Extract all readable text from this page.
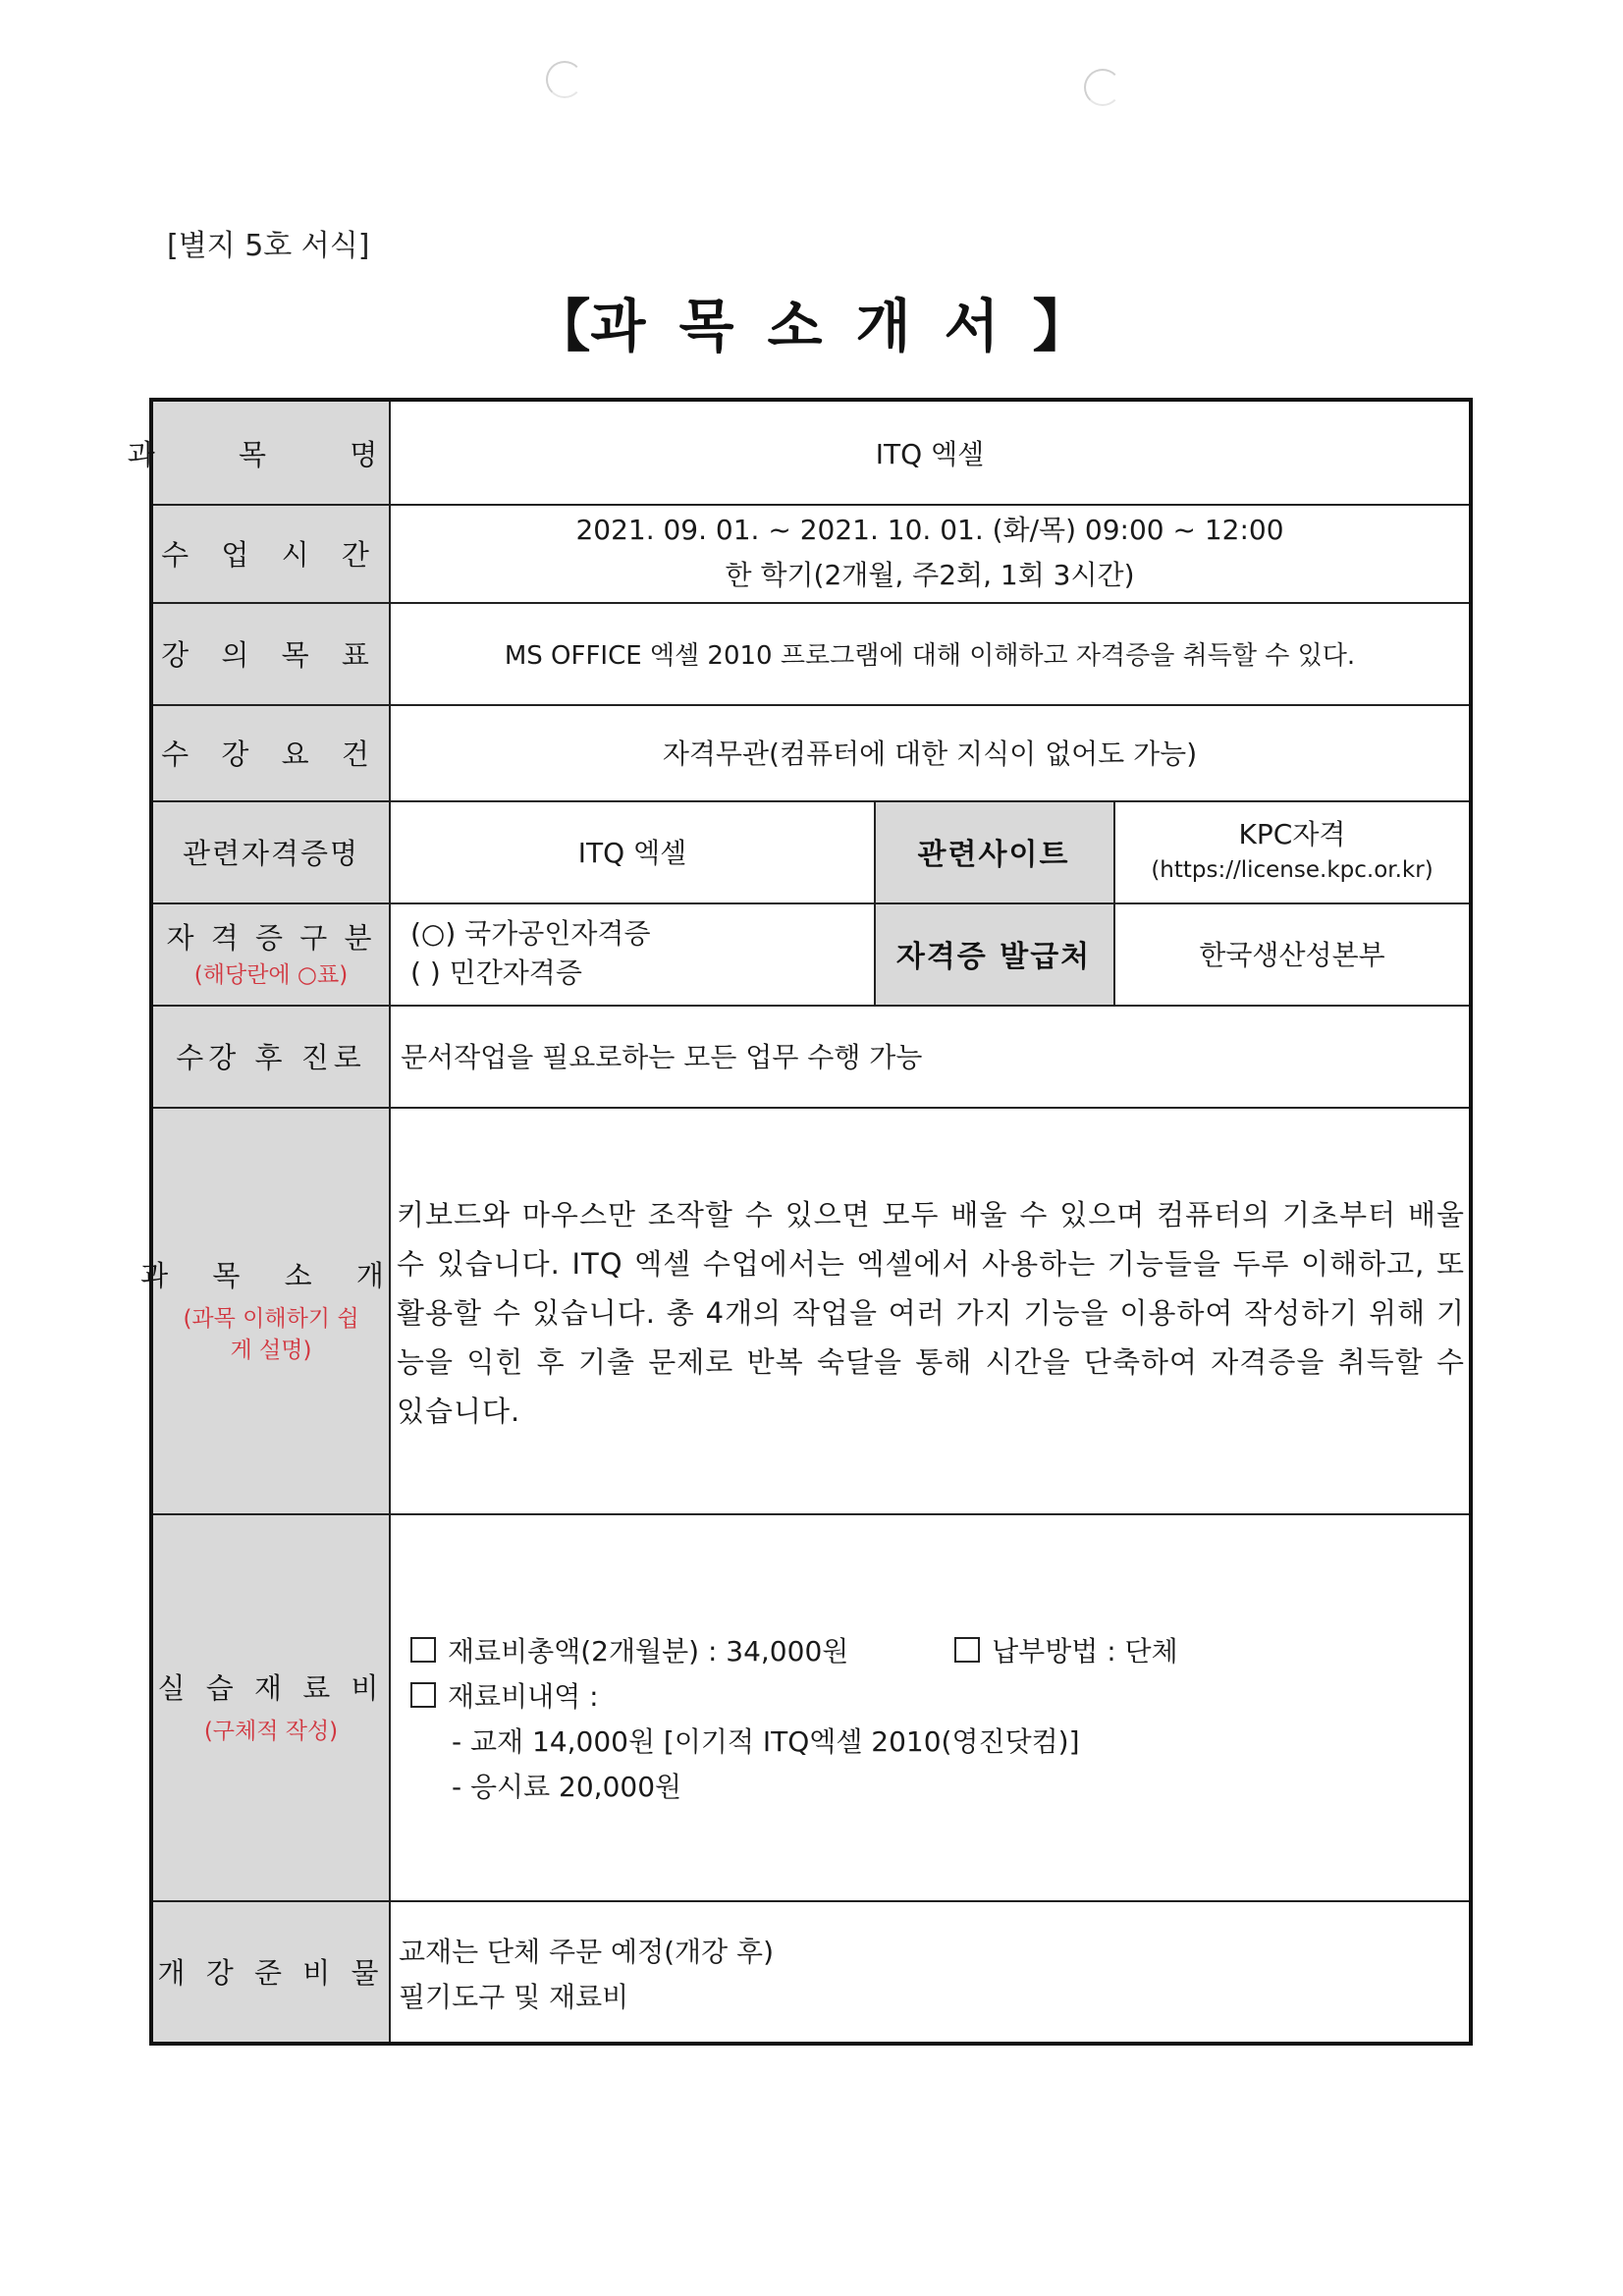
[별지 5호 서식]
【과목소개서】
과 목 명
수 업 시 간
강 의 목 표
수 강 요 건
관련자격증명
자 격 증 구 분
(해당란에 ○표)
수강 후 진로
과 목 소 개
(과목 이해하기 쉽게 설명)
실 습 재 료 비
(구체적 작성)
개 강 준 비 물
관련사이트
자격증 발급처
ITQ 엑셀
2021. 09. 01. ~ 2021. 10. 01. (화/목) 09:00 ~ 12:00
한 학기(2개월, 주2회, 1회 3시간)
MS OFFICE 엑셀 2010 프로그램에 대해 이해하고 자격증을 취득할 수 있다.
자격무관(컴퓨터에 대한 지식이 없어도 가능)
ITQ 엑셀
KPC자격
(https://license.kpc.or.kr)
(○) 국가공인자격증
( ) 민간자격증
한국생산성본부
문서작업을 필요로하는 모든 업무 수행 가능
재료비총액(2개월분) : 34,000원	납부방법 : 단체
재료비내역 :
- 교재 14,000원 [이기적 ITQ엑셀 2010(영진닷컴)]
- 응시료 20,000원
교재는 단체 주문 예정(개강 후)
필기도구 및 재료비
키보드와 마우스만 조작할 수 있으면 모두 배울 수 있으며 컴퓨터의 기초부터 배울 수 있습니다. ITQ 엑셀 수업에서는 엑셀에서 사용하는 기능들을 두루 이해하고, 또 활용할 수 있습니다. 총 4개의 작업을 여러 가지 기능을 이용하여 작성하기 위해 기능을 익힌 후 기출 문제로 반복 숙달을 통해 시간을 단축하여 자격증을 취득할 수 있습니다.
